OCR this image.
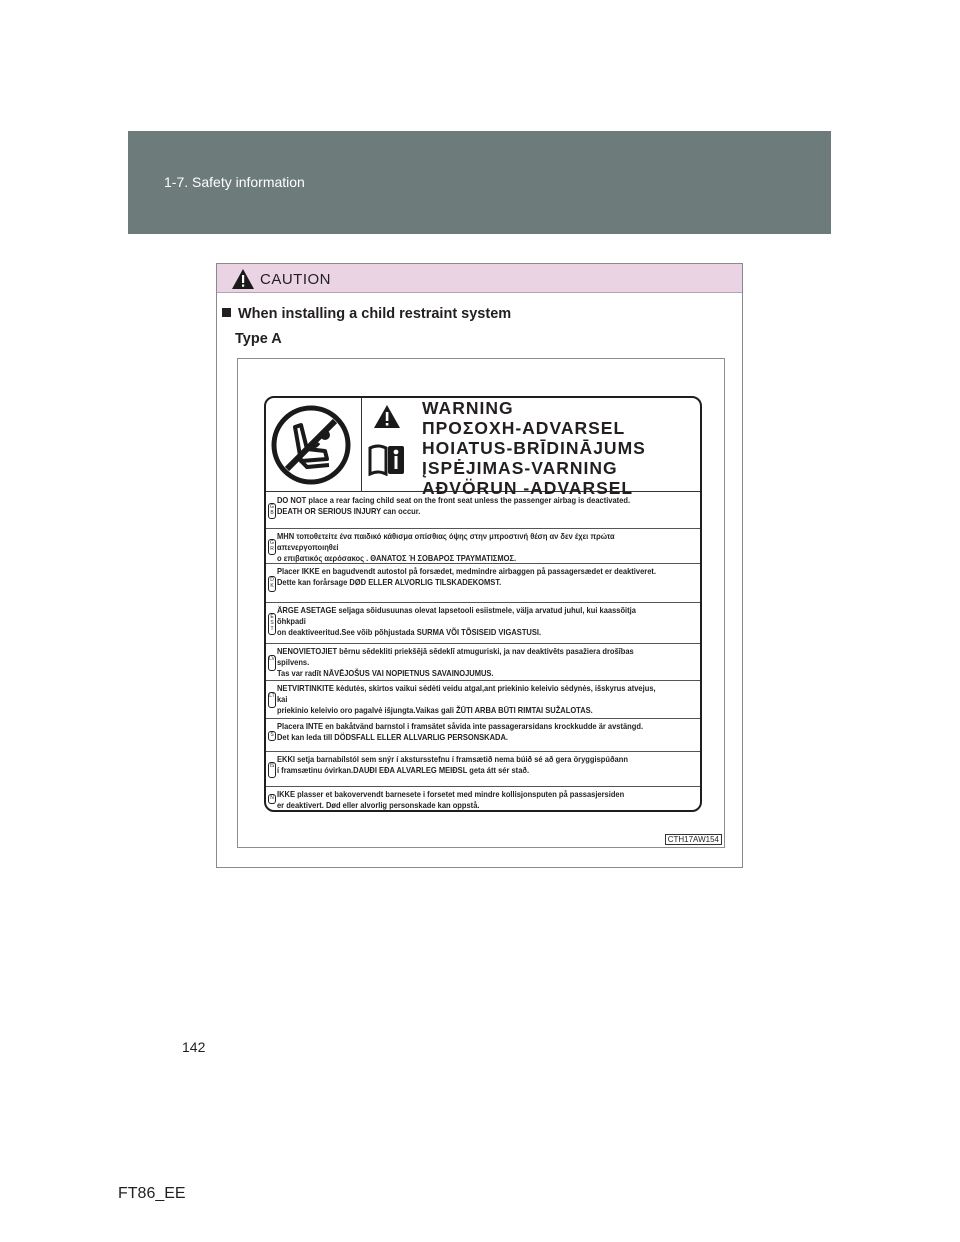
1-7. Safety information
CAUTION
When installing a child restraint system
Type A
WARNING
ΠΡΟΣΟΧΗ-ADVARSEL
HOIATUS-BRĪDINĀJUMS
ĮSPĖJIMAS-VARNING
AÐVÖRUN -ADVARSEL
GB
DO NOT place a rear facing child seat on the front seat unless the passenger airbag is deactivated.
DEATH OR SERIOUS INJURY can occur.
GR
ΜΗΝ τοποθετείτε ένα παιδικό κάθισμα οπίσθιας όψης στην μπροστινή θέση αν δεν έχει πρώτα απενεργοποιηθεί
ο επιβατικός αερόσακος . ΘΑΝΑΤΟΣ Ή ΣΟΒΑΡΟΣ ΤΡΑΥΜΑΤΙΣΜΟΣ.
DK
Placer IKKE en bagudvendt autostol på forsædet, medmindre airbaggen på passagersædet er deaktiveret.
Dette kan forårsage DØD ELLER ALVORLIG TILSKADEKOMST.
EST
ÄRGE ASETAGE seljaga sõidusuunas olevat lapsetooli esiistmele, välja arvatud juhul, kui kaassõitja õhkpadi
on deaktiveeritud.See võib põhjustada SURMA VÕI TÕSISEID VIGASTUSI.
LV
NENOVIETOJIET bērnu sēdekliti priekšējā sēdeklī atmuguriski, ja nav deaktivēts pasažiera drošības spilvens.
Tas var radīt NĀVĒJOŠUS VAI NOPIETNUS SAVAINOJUMUS.
LT
NETVIRTINKITE kėdutės, skirtos vaikui sėdėti veidu atgal,ant priekinio keleivio sėdynės, išskyrus atvejus, kai
priekinio keleivio oro pagalvė išjungta.Vaikas gali ŽŪTI ARBA BŪTI RIMTAI SUŽALOTAS.
S
Placera INTE en bakåtvänd barnstol i framsätet såvida inte passagerarsidans krockkudde är avstängd.
Det kan leda till DÖDSFALL ELLER ALLVARLIG PERSONSKADA.
IS
EKKI setja barnabílstól sem snýr í akstursstefnu í framsætið nema búið sé að gera öryggispúðann
í framsætinu óvirkan.DAUÐI EÐA ALVARLEG MEIÐSL geta átt sér stað.
N IKKE plasser et bakovervendt barnesete i forsetet med mindre kollisjonsputen på passasjersiden
er deaktivert. Død eller alvorlig personskade kan oppstå.
CTH17AW154
142
FT86_EE
